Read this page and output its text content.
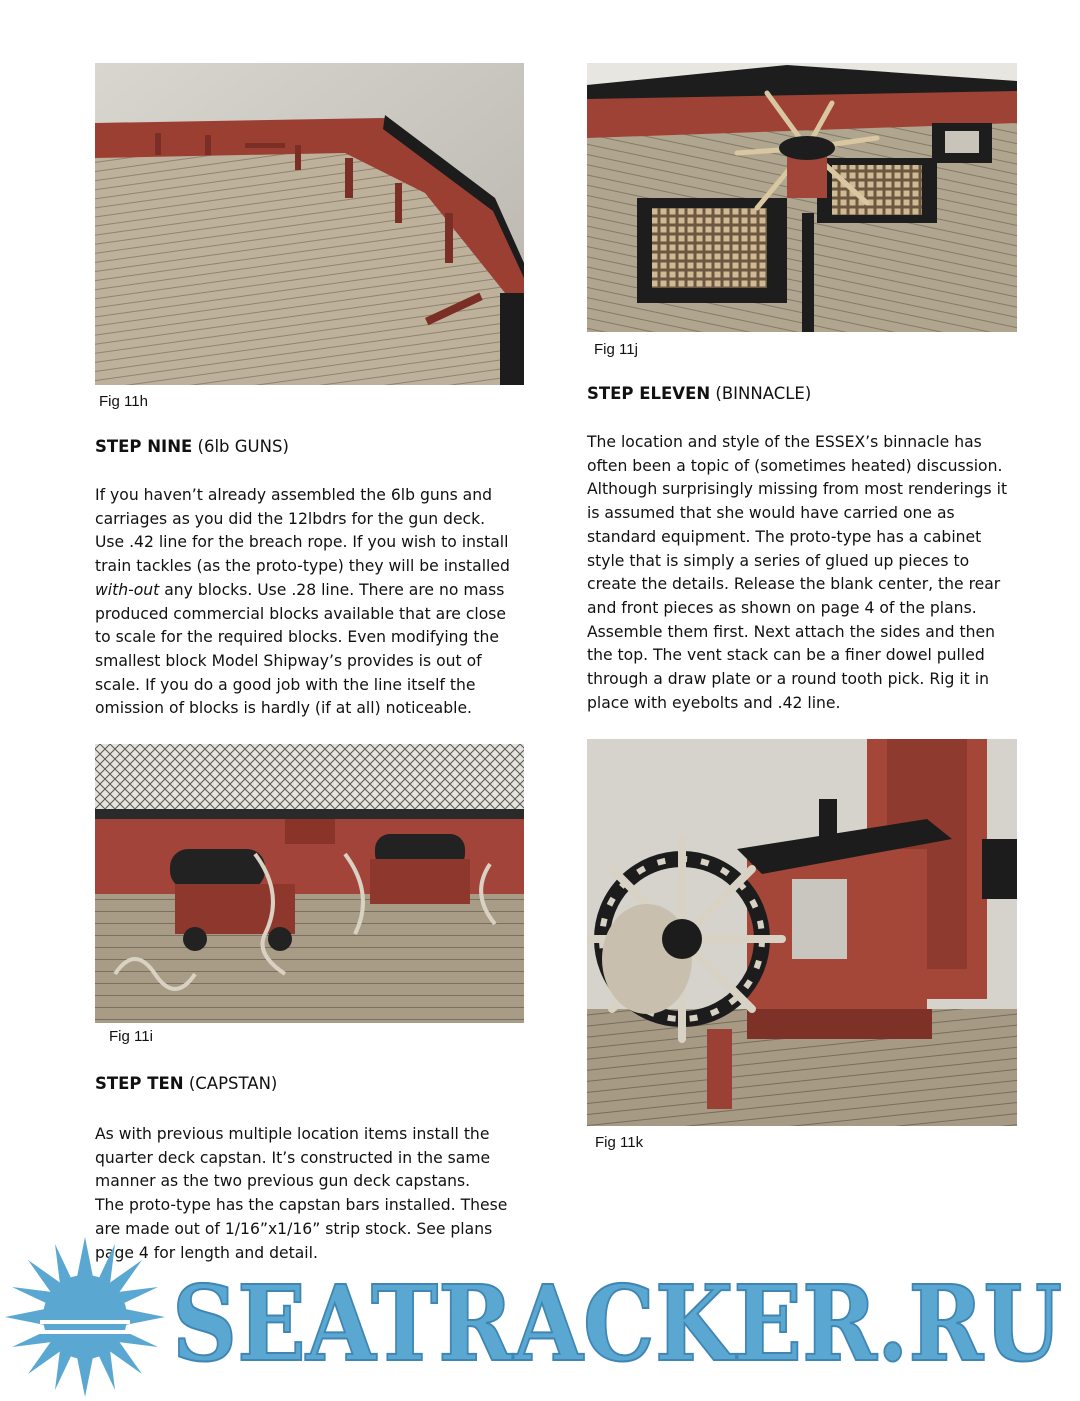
Fig 11h
STEP NINE (6lb GUNS)
If you haven’t already assembled the 6lb guns and
carriages as you did the 12lbdrs for the gun deck.
Use .42 line for the breach rope. If you wish to install
train tackles (as the proto-type) they will be installed
with-out any blocks. Use .28 line. There are no mass
produced commercial blocks available that are close
to scale for the required blocks. Even modifying the
smallest block Model Shipway’s provides is out of
scale. If you do a good job with the line itself the
omission of blocks is hardly (if at all) noticeable.
Fig 11i
STEP TEN (CAPSTAN)
As with previous multiple location items install the
quarter deck capstan. It’s constructed in the same
manner as the two previous gun deck capstans.
The proto-type has the capstan bars installed. These
are made out of 1/16”x1/16” strip stock. See plans
page 4 for length and detail.
Fig 11j
STEP ELEVEN (BINNACLE)
The location and style of the ESSEX’s binnacle has
often been a topic of (sometimes heated) discussion.
Although surprisingly missing from most renderings it
is assumed that she would have carried one as
standard equipment. The proto-type has a cabinet
style that is simply a series of glued up pieces to
create the details. Release the blank center, the rear
and front pieces as shown on page 4 of the plans.
Assemble them first. Next attach the sides and then
the top. The vent stack can be a finer dowel pulled
through a draw plate or a round tooth pick. Rig it in
place with eyebolts and .42 line.
Fig 11k
SEATRACKER.RU
